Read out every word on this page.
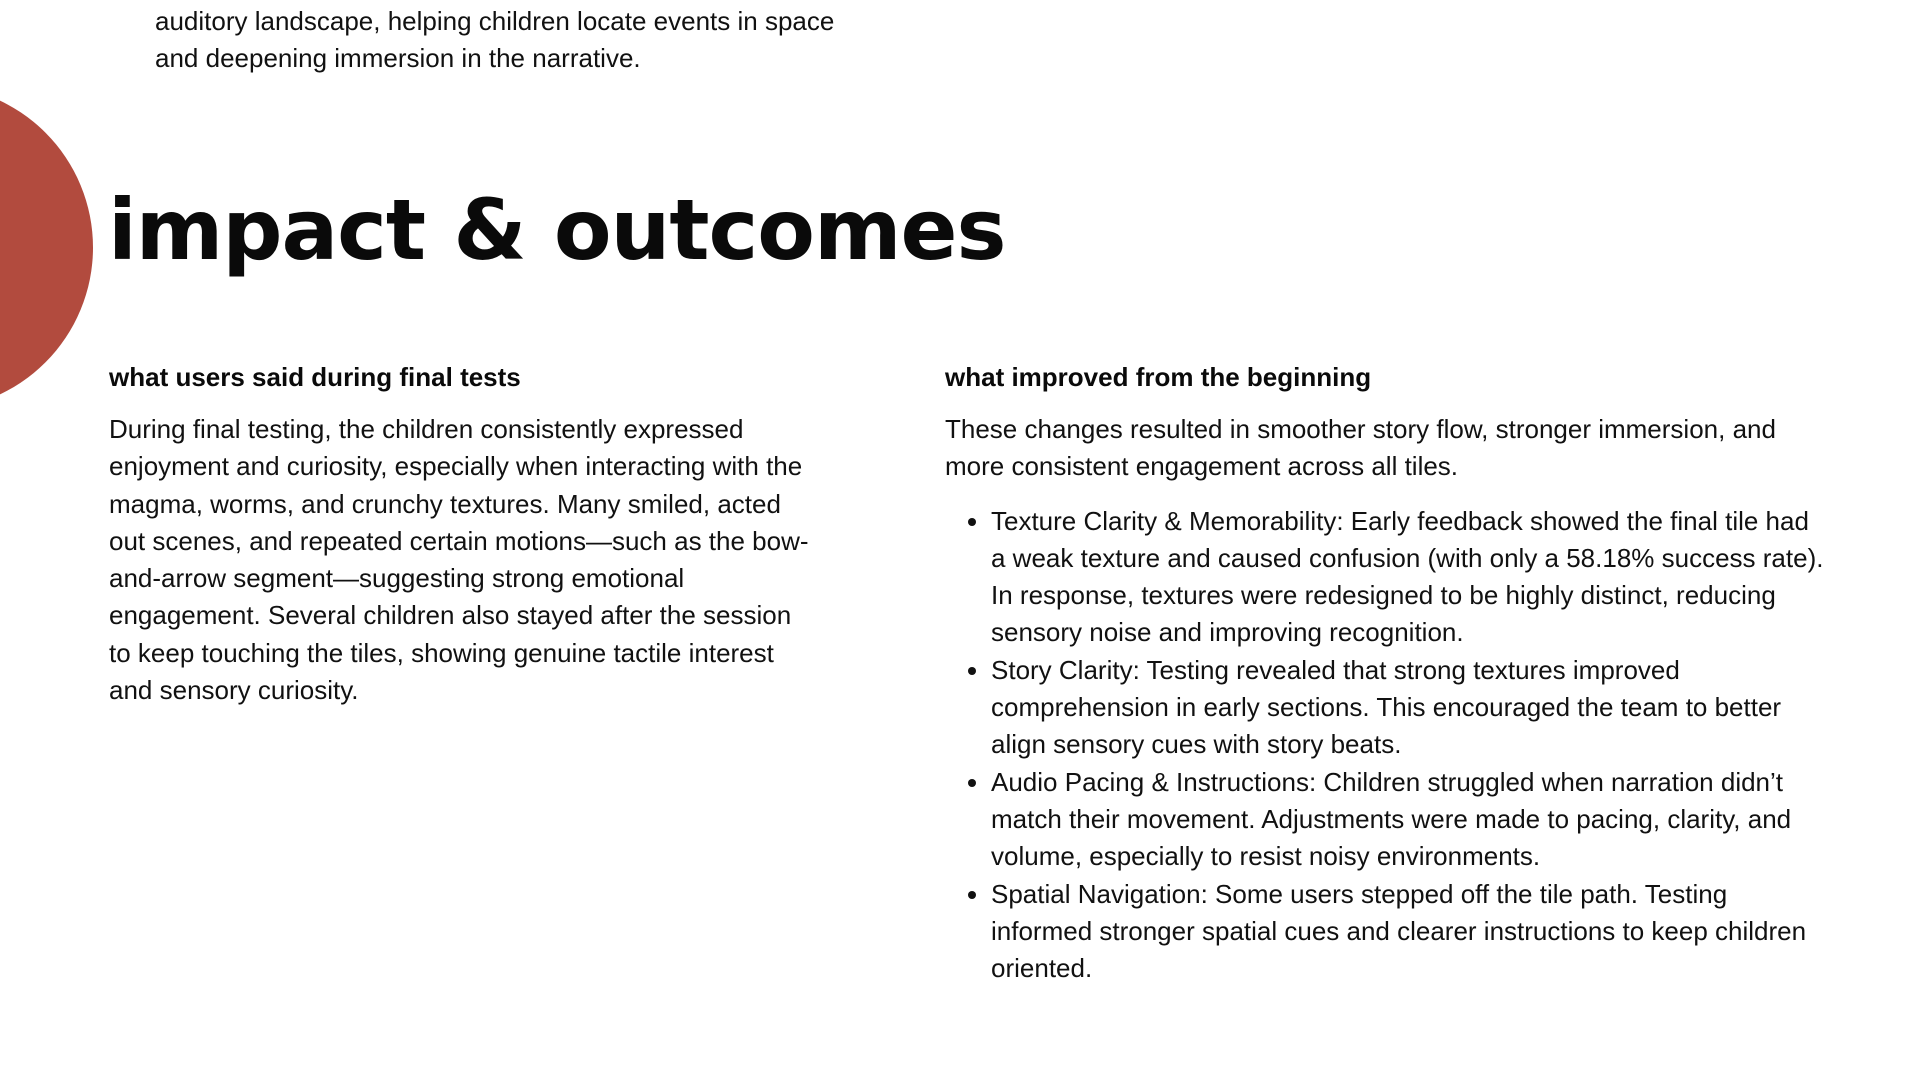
auditory landscape, helping children locate events in space and deepening immersion in the narrative.

impact & outcomes
what users said during final tests

During final testing, the children consistently expressed enjoyment and curiosity, especially when interacting with the magma, worms, and crunchy textures. Many smiled, acted out scenes, and repeated certain motions—such as the bow-and-arrow segment—suggesting strong emotional engagement. Several children also stayed after the session to keep touching the tiles, showing genuine tactile interest and sensory curiosity.

what improved from the beginning

These changes resulted in smoother story flow, stronger immersion, and more consistent engagement across all tiles.

• Texture Clarity & Memorability: Early feedback showed the final tile had a weak texture and caused confusion (with only a 58.18% success rate). In response, textures were redesigned to be highly distinct, reducing sensory noise and improving recognition.
• Story Clarity: Testing revealed that strong textures improved comprehension in early sections. This encouraged the team to better align sensory cues with story beats.
• Audio Pacing & Instructions: Children struggled when narration didn’t match their movement. Adjustments were made to pacing, clarity, and volume, especially to resist noisy environments.
• Spatial Navigation: Some users stepped off the tile path. Testing informed stronger spatial cues and clearer instructions to keep children oriented.
